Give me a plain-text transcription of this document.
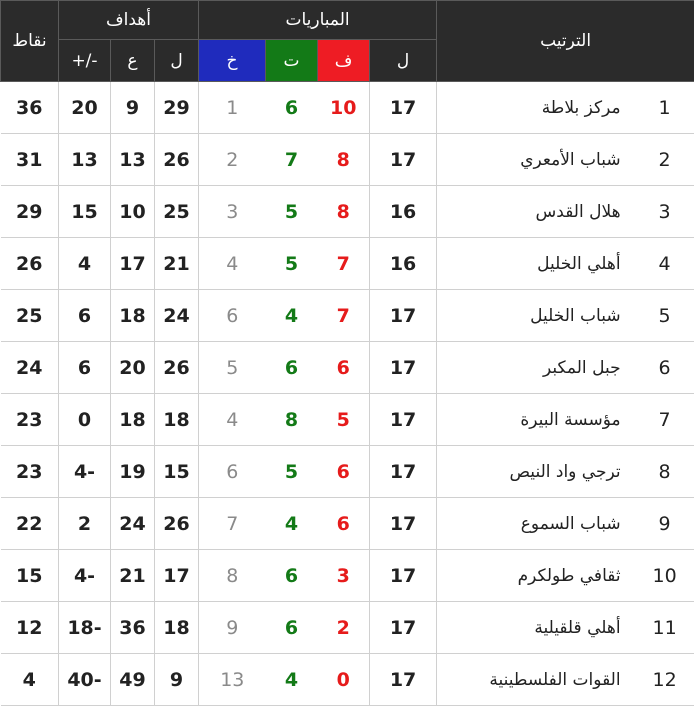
نقاط	أهداف			المباريات				الترتيب	
	+/-	ع	ل	خ	ت	ف	ل		
36	20	9	29	1	6	10	17	مركز بلاطة	1
31	13	13	26	2	7	8	17	شباب الأمعري	2
29	15	10	25	3	5	8	16	هلال القدس	3
26	4	17	21	4	5	7	16	أهلي الخليل	4
25	6	18	24	6	4	7	17	شباب الخليل	5
24	6	20	26	5	6	6	17	جبل المكبر	6
23	0	18	18	4	8	5	17	مؤسسة البيرة	7
23	4-	19	15	6	5	6	17	ترجي واد النيص	8
22	2	24	26	7	4	6	17	شباب السموع	9
15	4-	21	17	8	6	3	17	ثقافي طولكرم	10
12	18-	36	18	9	6	2	17	أهلي قلقيلية	11
4	40-	49	9	13	4	0	17	القوات الفلسطينية	12
